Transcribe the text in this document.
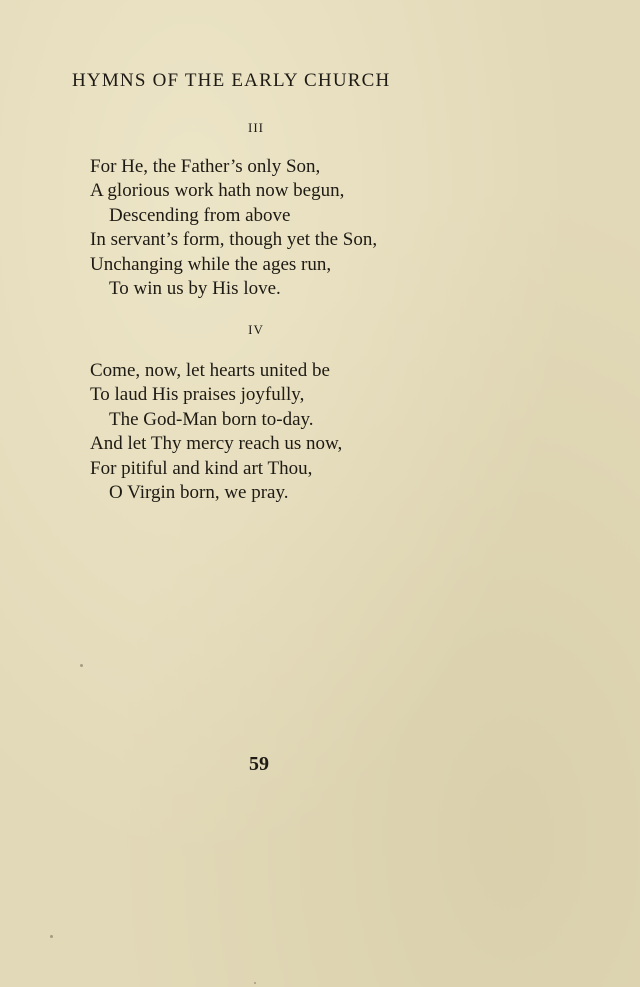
HYMNS OF THE EARLY CHURCH
III
For He, the Father’s only Son,
A glorious work hath now begun,
Descending from above
In servant’s form, though yet the Son,
Unchanging while the ages run,
To win us by His love.
IV
Come, now, let hearts united be
To laud His praises joyfully,
The God-Man born to-day.
And let Thy mercy reach us now,
For pitiful and kind art Thou,
O Virgin born, we pray.
59
